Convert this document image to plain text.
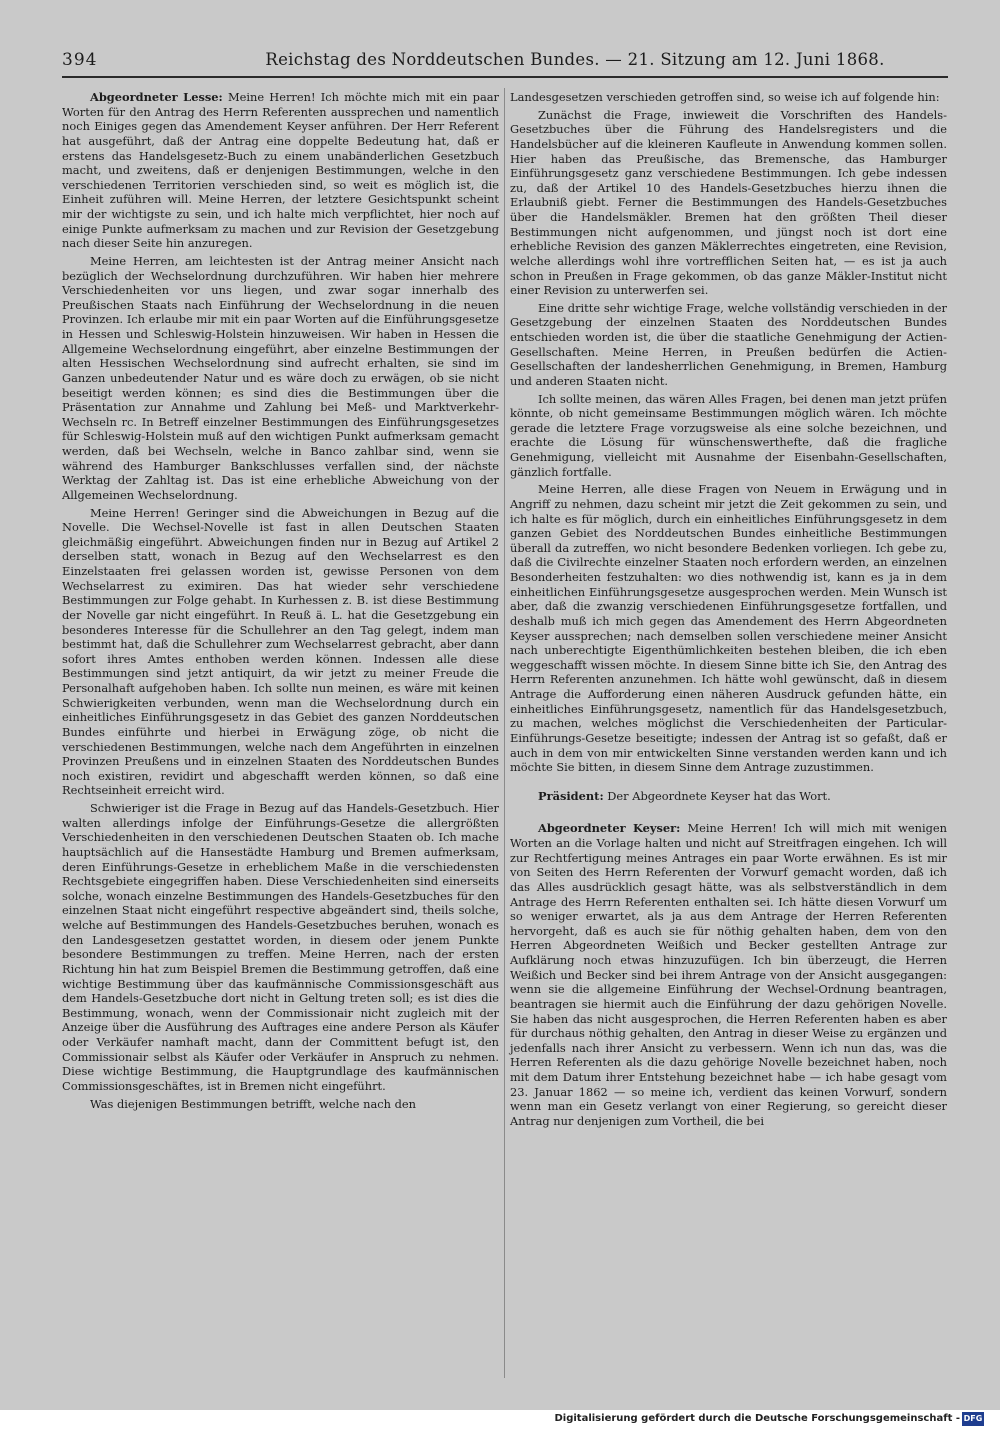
394	Reichstag des Norddeutschen Bundes. — 21. Sitzung am 12. Juni 1868.

Abgeordneter Lesse: Meine Herren! Ich möchte mich mit ein paar Worten für den Antrag des Herrn Referenten aussprechen und namentlich noch Einiges gegen das Amendement Keyser anführen. Der Herr Referent hat ausgeführt, daß der Antrag eine doppelte Bedeutung hat, daß er erstens das Handelsgesetz-Buch zu einem unabänderlichen Gesetzbuch macht, und zweitens, daß er denjenigen Bestimmungen, welche in den verschiedenen Territorien verschieden sind, so weit es möglich ist, die Einheit zuführen will. Meine Herren, der letztere Gesichtspunkt scheint mir der wichtigste zu sein, und ich halte mich verpflichtet, hier noch auf einige Punkte aufmerksam zu machen und zur Revision der Gesetzgebung nach dieser Seite hin anzuregen.

Meine Herren, am leichtesten ist der Antrag meiner Ansicht nach bezüglich der Wechselordnung durchzuführen. Wir haben hier mehrere Verschiedenheiten vor uns liegen, und zwar sogar innerhalb des Preußischen Staats nach Einführung der Wechselordnung in die neuen Provinzen. Ich erlaube mir mit ein paar Worten auf die Einführungsgesetze in Hessen und Schleswig-Holstein hinzuweisen. Wir haben in Hessen die Allgemeine Wechselordnung eingeführt, aber einzelne Bestimmungen der alten Hessischen Wechselordnung sind aufrecht erhalten, sie sind im Ganzen unbedeutender Natur und es wäre doch zu erwägen, ob sie nicht beseitigt werden können; es sind dies die Bestimmungen über die Präsentation zur Annahme und Zahlung bei Meß- und Marktverkehr-Wechseln rc. In Betreff einzelner Bestimmungen des Einführungsgesetzes für Schleswig-Holstein muß auf den wichtigen Punkt aufmerksam gemacht werden, daß bei Wechseln, welche in Banco zahlbar sind, wenn sie während des Hamburger Bankschlusses verfallen sind, der nächste Werktag der Zahltag ist. Das ist eine erhebliche Abweichung von der Allgemeinen Wechselordnung.

Meine Herren! Geringer sind die Abweichungen in Bezug auf die Novelle. Die Wechsel-Novelle ist fast in allen Deutschen Staaten gleichmäßig eingeführt. Abweichungen finden nur in Bezug auf Artikel 2 derselben statt, wonach in Bezug auf den Wechselarrest es den Einzelstaaten frei gelassen worden ist, gewisse Personen von dem Wechselarrest zu eximiren. Das hat wieder sehr verschiedene Bestimmungen zur Folge gehabt. In Kurhessen z. B. ist diese Bestimmung der Novelle gar nicht eingeführt. In Reuß ä. L. hat die Gesetzgebung ein besonderes Interesse für die Schullehrer an den Tag gelegt, indem man bestimmt hat, daß die Schullehrer zum Wechselarrest gebracht, aber dann sofort ihres Amtes enthoben werden können. Indessen alle diese Bestimmungen sind jetzt antiquirt, da wir jetzt zu meiner Freude die Personalhaft aufgehoben haben. Ich sollte nun meinen, es wäre mit keinen Schwierigkeiten verbunden, wenn man die Wechselordnung durch ein einheitliches Einführungsgesetz in das Gebiet des ganzen Norddeutschen Bundes einführte und hierbei in Erwägung zöge, ob nicht die verschiedenen Bestimmungen, welche nach dem Angeführten in einzelnen Provinzen Preußens und in einzelnen Staaten des Norddeutschen Bundes noch existiren, revidirt und abgeschafft werden können, so daß eine Rechtseinheit erreicht wird.

Schwieriger ist die Frage in Bezug auf das Handels-Gesetzbuch. Hier walten allerdings infolge der Einführungs-Gesetze die allergrößten Verschiedenheiten in den verschiedenen Deutschen Staaten ob. Ich mache hauptsächlich auf die Hansestädte Hamburg und Bremen aufmerksam, deren Einführungs-Gesetze in erheblichem Maße in die verschiedensten Rechtsgebiete eingegriffen haben. Diese Verschiedenheiten sind einerseits solche, wonach einzelne Bestimmungen des Handels-Gesetzbuches für den einzelnen Staat nicht eingeführt respective abgeändert sind, theils solche, welche auf Bestimmungen des Handels-Gesetzbuches beruhen, wonach es den Landesgesetzen gestattet worden, in diesem oder jenem Punkte besondere Bestimmungen zu treffen. Meine Herren, nach der ersten Richtung hin hat zum Beispiel Bremen die Bestimmung getroffen, daß eine wichtige Bestimmung über das kaufmännische Commissionsgeschäft aus dem Handels-Gesetzbuche dort nicht in Geltung treten soll; es ist dies die Bestimmung, wonach, wenn der Commissionair nicht zugleich mit der Anzeige über die Ausführung des Auftrages eine andere Person als Käufer oder Verkäufer namhaft macht, dann der Committent befugt ist, den Commissionair selbst als Käufer oder Verkäufer in Anspruch zu nehmen. Diese wichtige Bestimmung, die Hauptgrundlage des kaufmännischen Commissionsgeschäftes, ist in Bremen nicht eingeführt.

Was diejenigen Bestimmungen betrifft, welche nach den

Landesgesetzen verschieden getroffen sind, so weise ich auf folgende hin:

Zunächst die Frage, inwieweit die Vorschriften des Handels-Gesetzbuches über die Führung des Handelsregisters und die Handelsbücher auf die kleineren Kaufleute in Anwendung kommen sollen. Hier haben das Preußische, das Bremensche, das Hamburger Einführungsgesetz ganz verschiedene Bestimmungen. Ich gebe indessen zu, daß der Artikel 10 des Handels-Gesetzbuches hierzu ihnen die Erlaubniß giebt. Ferner die Bestimmungen des Handels-Gesetzbuches über die Handelsmäkler. Bremen hat den größten Theil dieser Bestimmungen nicht aufgenommen, und jüngst noch ist dort eine erhebliche Revision des ganzen Mäklerrechtes eingetreten, eine Revision, welche allerdings wohl ihre vortrefflichen Seiten hat, — es ist ja auch schon in Preußen in Frage gekommen, ob das ganze Mäkler-Institut nicht einer Revision zu unterwerfen sei.

Eine dritte sehr wichtige Frage, welche vollständig verschieden in der Gesetzgebung der einzelnen Staaten des Norddeutschen Bundes entschieden worden ist, die über die staatliche Genehmigung der Actien-Gesellschaften. Meine Herren, in Preußen bedürfen die Actien-Gesellschaften der landesherrlichen Genehmigung, in Bremen, Hamburg und anderen Staaten nicht.

Ich sollte meinen, das wären Alles Fragen, bei denen man jetzt prüfen könnte, ob nicht gemeinsame Bestimmungen möglich wären. Ich möchte gerade die letztere Frage vorzugsweise als eine solche bezeichnen, und erachte die Lösung für wünschenswerthefte, daß die fragliche Genehmigung, vielleicht mit Ausnahme der Eisenbahn-Gesellschaften, gänzlich fortfalle.

Meine Herren, alle diese Fragen von Neuem in Erwägung und in Angriff zu nehmen, dazu scheint mir jetzt die Zeit gekommen zu sein, und ich halte es für möglich, durch ein einheitliches Einführungsgesetz in dem ganzen Gebiet des Norddeutschen Bundes einheitliche Bestimmungen überall da zutreffen, wo nicht besondere Bedenken vorliegen. Ich gebe zu, daß die Civilrechte einzelner Staaten noch erfordern werden, an einzelnen Besonderheiten festzuhalten: wo dies nothwendig ist, kann es ja in dem einheitlichen Einführungsgesetze ausgesprochen werden. Mein Wunsch ist aber, daß die zwanzig verschiedenen Einführungsgesetze fortfallen, und deshalb muß ich mich gegen das Amendement des Herrn Abgeordneten Keyser aussprechen; nach demselben sollen verschiedene meiner Ansicht nach unberechtigte Eigenthümlichkeiten bestehen bleiben, die ich eben weggeschafft wissen möchte. In diesem Sinne bitte ich Sie, den Antrag des Herrn Referenten anzunehmen. Ich hätte wohl gewünscht, daß in diesem Antrage die Aufforderung einen näheren Ausdruck gefunden hätte, ein einheitliches Einführungsgesetz, namentlich für das Handelsgesetzbuch, zu machen, welches möglichst die Verschiedenheiten der Particular-Einführungs-Gesetze beseitigte; indessen der Antrag ist so gefaßt, daß er auch in dem von mir entwickelten Sinne verstanden werden kann und ich möchte Sie bitten, in diesem Sinne dem Antrage zuzustimmen.

Präsident: Der Abgeordnete Keyser hat das Wort.

Abgeordneter Keyser: Meine Herren! Ich will mich mit wenigen Worten an die Vorlage halten und nicht auf Streitfragen eingehen. Ich will zur Rechtfertigung meines Antrages ein paar Worte erwähnen. Es ist mir von Seiten des Herrn Referenten der Vorwurf gemacht worden, daß ich das Alles ausdrücklich gesagt hätte, was als selbstverständlich in dem Antrage des Herrn Referenten enthalten sei. Ich hätte diesen Vorwurf um so weniger erwartet, als ja aus dem Antrage der Herren Referenten hervorgeht, daß es auch sie für nöthig gehalten haben, dem von den Herren Abgeordneten Weißich und Becker gestellten Antrage zur Aufklärung noch etwas hinzuzufügen. Ich bin überzeugt, die Herren Weißich und Becker sind bei ihrem Antrage von der Ansicht ausgegangen: wenn sie die allgemeine Einführung der Wechsel-Ordnung beantragen, beantragen sie hiermit auch die Einführung der dazu gehörigen Novelle. Sie haben das nicht ausgesprochen, die Herren Referenten haben es aber für durchaus nöthig gehalten, den Antrag in dieser Weise zu ergänzen und jedenfalls nach ihrer Ansicht zu verbessern. Wenn ich nun das, was die Herren Referenten als die dazu gehörige Novelle bezeichnet haben, noch mit dem Datum ihrer Entstehung bezeichnet habe — ich habe gesagt vom 23. Januar 1862 — so meine ich, verdient das keinen Vorwurf, sondern wenn man ein Gesetz verlangt von einer Regierung, so gereicht dieser Antrag nur denjenigen zum Vortheil, die bei

Digitalisierung gefördert durch die Deutsche Forschungsgemeinschaft - DFG
